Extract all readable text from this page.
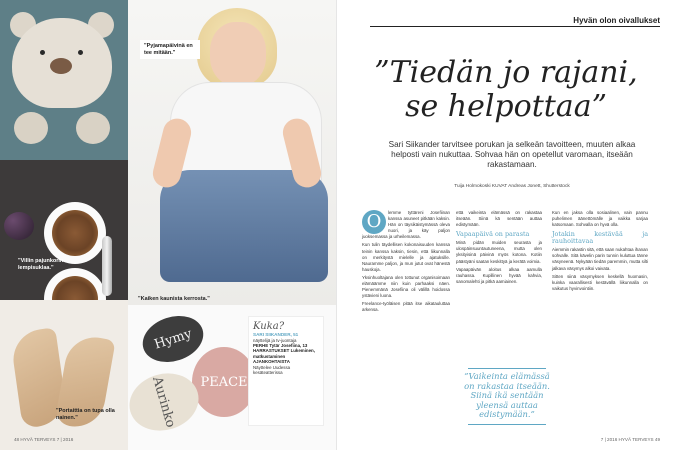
"Villin pajunkorin lempisuklaa."
"Portaittia on tupa olla nainen."
"Pyjamapäivinä en tee mitään."
Hymy
PEACE
Aurinko
"Kaiken kaunista kerrosta."
Kuka?
SARI SIIKANDER, 51
näyttelijä ja tv-juontaja
PERHE Tytär Josefiina, 13
HARRASTUKSET Lukeminen, matkustaminen
AJANKOHTAISTA
Näyttelee Uudessa kesäteatterissa
48 HYVÄ TERVEYS 7 | 2016
Hyvän olon oivallukset
”Tiedän jo rajani, se helpottaa”
Sari Siikander tarvitsee porukan ja selkeän tavoitteen, muuten alkaa helposti vain nukuttaa. Sohvaa hän on opetellut varomaan, itseään rakastamaan.
Tuija Holmokoski KUVAT Andreas Jonett, Shutterstock
O	lemme tyttäreni Josefiinan kanssa asuneet pitkään kaksin. Hän on täysikäistymässä oleva nuori, ja käy paljon juoksemassa ja urheilemassa.

Kun tulin täydellisen kokonaisuuden kanssa teinin kanssa kaksin, tiesin, että liikunnalla on merkitystä mielelle ja ajatuksille. Nauramme paljon, ja mun jutut ovat hänestä hauskoja.

Yksinhuoltajana olen tottunut organisoimaan elämäämme niin kuin parhaaksi näen. Pienemmänä Josefiina oli välillä hoidossa ystävieni luona.

Freelance-työläisen pitää itse aikatauluttaa arkensa.

että vaikeinta elämässä on rakastaa itseään. Siinä kä sentään auttaa edistymään.

Vapaapäivä on parasta

Minä pidän muiden seurasta ja ulospäinsuuntautuneena, mutta olen yksityisinä päivinä myös kotona. Kotiin päästyäni saatan keskittyä ja kerätä voimia.

Vapaapäivän aloitus alkaa aamulla rauhassa. Kupillinen hyvää kahvia, sanomalehti ja pitkä aamiainen.

Kun en jaksa olla sosiaalinen, vain pannu puhelimen äänettömälle ja vaikka sarjaa katsomaan. Sohvalla on hyvä olla.

Jotakin kestävää ja rauhoittavaa

Aiemmin rakastin sitä, että saan nukahtaa ihanan sohvalle. Sitä kävelin parin tunnin kuluttua tänne väsyneenä. Nykyään tiedän paremmin, mutta silti jalkava väsymys alkoi vaivata.

Sitten siinä väsymyksen keskellä huomasin, kuinka vaarallisesti kestävällä liikunnalla on vaikutus hyvinvointiin.

”Vaikeinta elämässä on rakastaa itseään. Siinä ikä sentään yleensä auttaa edistymään.”
7 | 2016 HYVÄ TERVEYS 49
